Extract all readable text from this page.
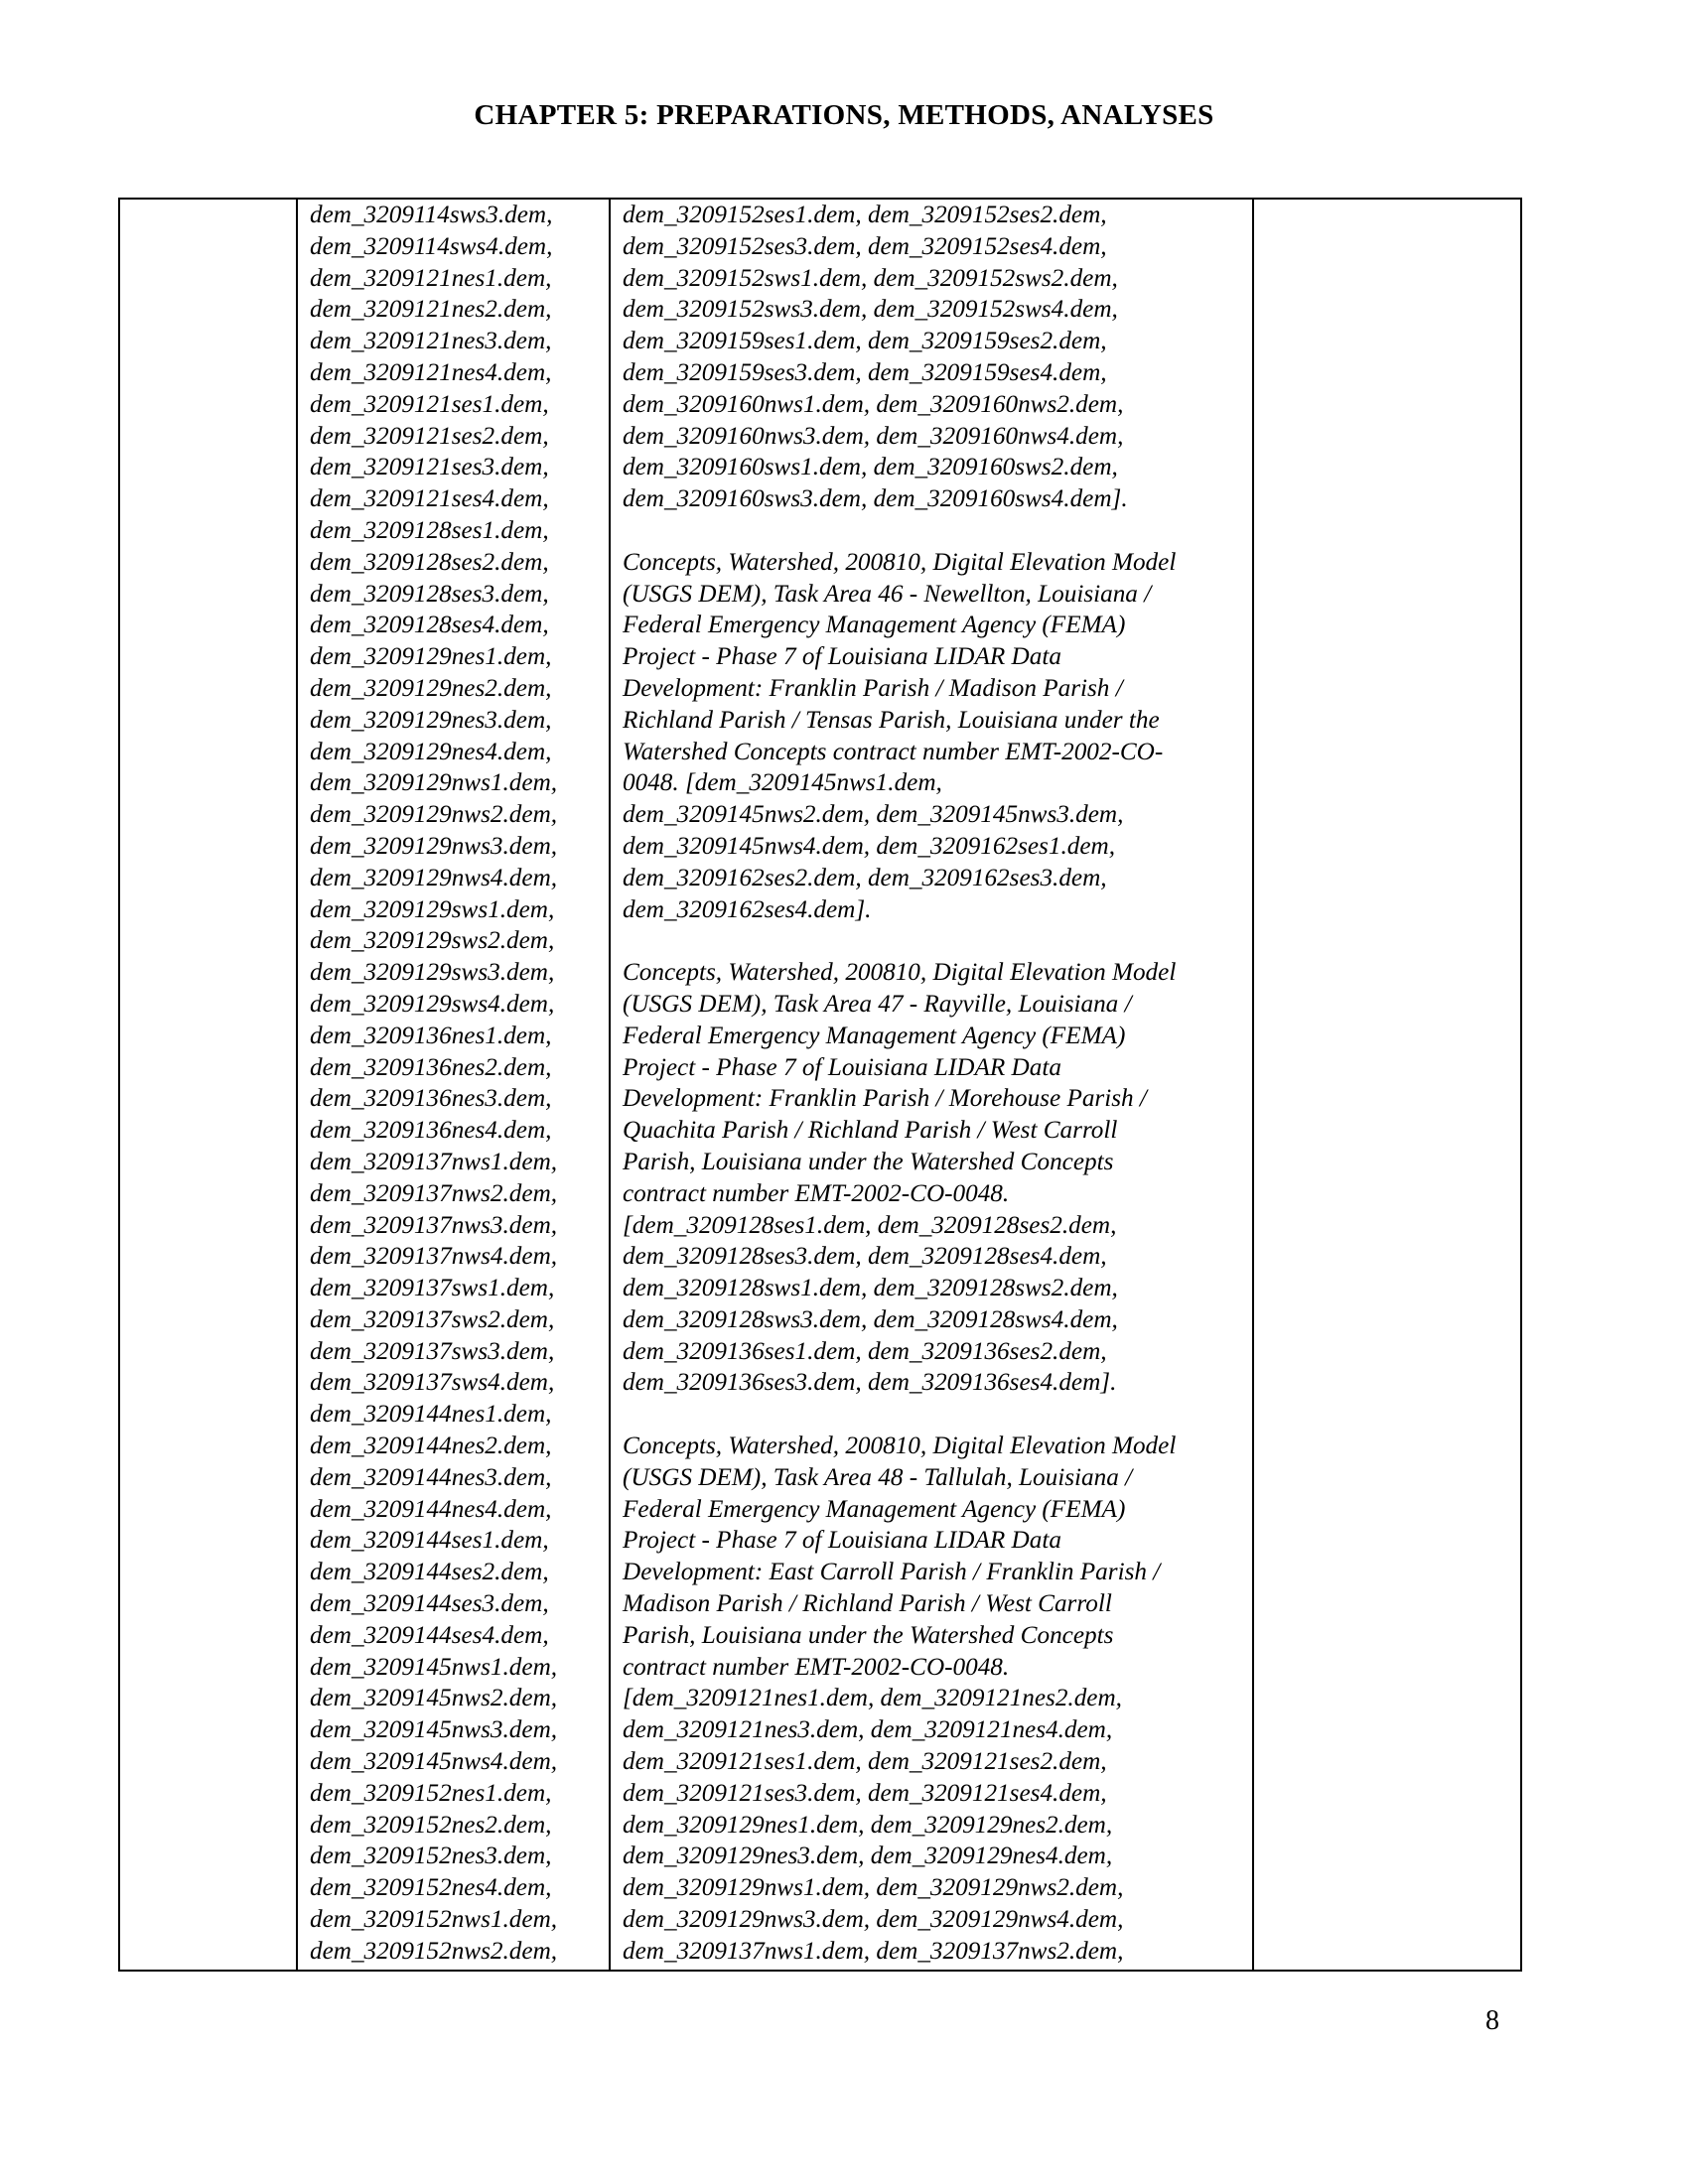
CHAPTER 5: PREPARATIONS, METHODS, ANALYSES

dem_3209114sws3.dem,

dem_3209114sws4.dem,

dem_3209121nes1.dem,

dem_3209121nes2.dem,

dem_3209121nes3.dem,

dem_3209121nes4.dem,

dem_3209121ses1.dem,

dem_3209121ses2.dem,

dem_3209121ses3.dem,

dem_3209121ses4.dem,

dem_3209128ses1.dem,

dem_3209128ses2.dem,

dem_3209128ses3.dem,

dem_3209128ses4.dem,

dem_3209129nes1.dem,

dem_3209129nes2.dem,

dem_3209129nes3.dem,

dem_3209129nes4.dem,

dem_3209129nws1.dem,

dem_3209129nws2.dem,

dem_3209129nws3.dem,

dem_3209129nws4.dem,

dem_3209129sws1.dem,

dem_3209129sws2.dem,

dem_3209129sws3.dem,

dem_3209129sws4.dem,

dem_3209136nes1.dem,

dem_3209136nes2.dem,

dem_3209136nes3.dem,

dem_3209136nes4.dem,

dem_3209137nws1.dem,

dem_3209137nws2.dem,

dem_3209137nws3.dem,

dem_3209137nws4.dem,

dem_3209137sws1.dem,

dem_3209137sws2.dem,

dem_3209137sws3.dem,

dem_3209137sws4.dem,

dem_3209144nes1.dem,

dem_3209144nes2.dem,

dem_3209144nes3.dem,

dem_3209144nes4.dem,

dem_3209144ses1.dem,

dem_3209144ses2.dem,

dem_3209144ses3.dem,

dem_3209144ses4.dem,

dem_3209145nws1.dem,

dem_3209145nws2.dem,

dem_3209145nws3.dem,

dem_3209145nws4.dem,

dem_3209152nes1.dem,

dem_3209152nes2.dem,

dem_3209152nes3.dem,

dem_3209152nes4.dem,

dem_3209152nws1.dem,

dem_3209152nws2.dem,

dem_3209152ses1.dem, dem_3209152ses2.dem,

dem_3209152ses3.dem, dem_3209152ses4.dem,

dem_3209152sws1.dem, dem_3209152sws2.dem,

dem_3209152sws3.dem, dem_3209152sws4.dem,

dem_3209159ses1.dem, dem_3209159ses2.dem,

dem_3209159ses3.dem, dem_3209159ses4.dem,

dem_3209160nws1.dem, dem_3209160nws2.dem,

dem_3209160nws3.dem, dem_3209160nws4.dem,

dem_3209160sws1.dem, dem_3209160sws2.dem,

dem_3209160sws3.dem, dem_3209160sws4.dem].

Concepts, Watershed, 200810, Digital Elevation Model

(USGS DEM), Task Area 46 - Newellton, Louisiana /

Federal Emergency Management Agency (FEMA)

Project - Phase 7 of Louisiana LIDAR Data

Development: Franklin Parish / Madison Parish /

Richland Parish / Tensas Parish, Louisiana under the

Watershed Concepts contract number EMT-2002-CO-

0048. [dem_3209145nws1.dem,

dem_3209145nws2.dem, dem_3209145nws3.dem,

dem_3209145nws4.dem, dem_3209162ses1.dem,

dem_3209162ses2.dem, dem_3209162ses3.dem,

dem_3209162ses4.dem].

Concepts, Watershed, 200810, Digital Elevation Model

(USGS DEM), Task Area 47 - Rayville, Louisiana /

Federal Emergency Management Agency (FEMA)

Project - Phase 7 of Louisiana LIDAR Data

Development: Franklin Parish / Morehouse Parish /

Quachita Parish / Richland Parish / West Carroll

Parish, Louisiana under the Watershed Concepts

contract number EMT-2002-CO-0048.

[dem_3209128ses1.dem, dem_3209128ses2.dem,

dem_3209128ses3.dem, dem_3209128ses4.dem,

dem_3209128sws1.dem, dem_3209128sws2.dem,

dem_3209128sws3.dem, dem_3209128sws4.dem,

dem_3209136ses1.dem, dem_3209136ses2.dem,

dem_3209136ses3.dem, dem_3209136ses4.dem].

Concepts, Watershed, 200810, Digital Elevation Model

(USGS DEM), Task Area 48 - Tallulah, Louisiana /

Federal Emergency Management Agency (FEMA)

Project - Phase 7 of Louisiana LIDAR Data

Development: East Carroll Parish / Franklin Parish /

Madison Parish / Richland Parish / West Carroll

Parish, Louisiana under the Watershed Concepts

contract number EMT-2002-CO-0048.

[dem_3209121nes1.dem, dem_3209121nes2.dem,

dem_3209121nes3.dem, dem_3209121nes4.dem,

dem_3209121ses1.dem, dem_3209121ses2.dem,

dem_3209121ses3.dem, dem_3209121ses4.dem,

dem_3209129nes1.dem, dem_3209129nes2.dem,

dem_3209129nes3.dem, dem_3209129nes4.dem,

dem_3209129nws1.dem, dem_3209129nws2.dem,

dem_3209129nws3.dem, dem_3209129nws4.dem,

dem_3209137nws1.dem, dem_3209137nws2.dem,

8
